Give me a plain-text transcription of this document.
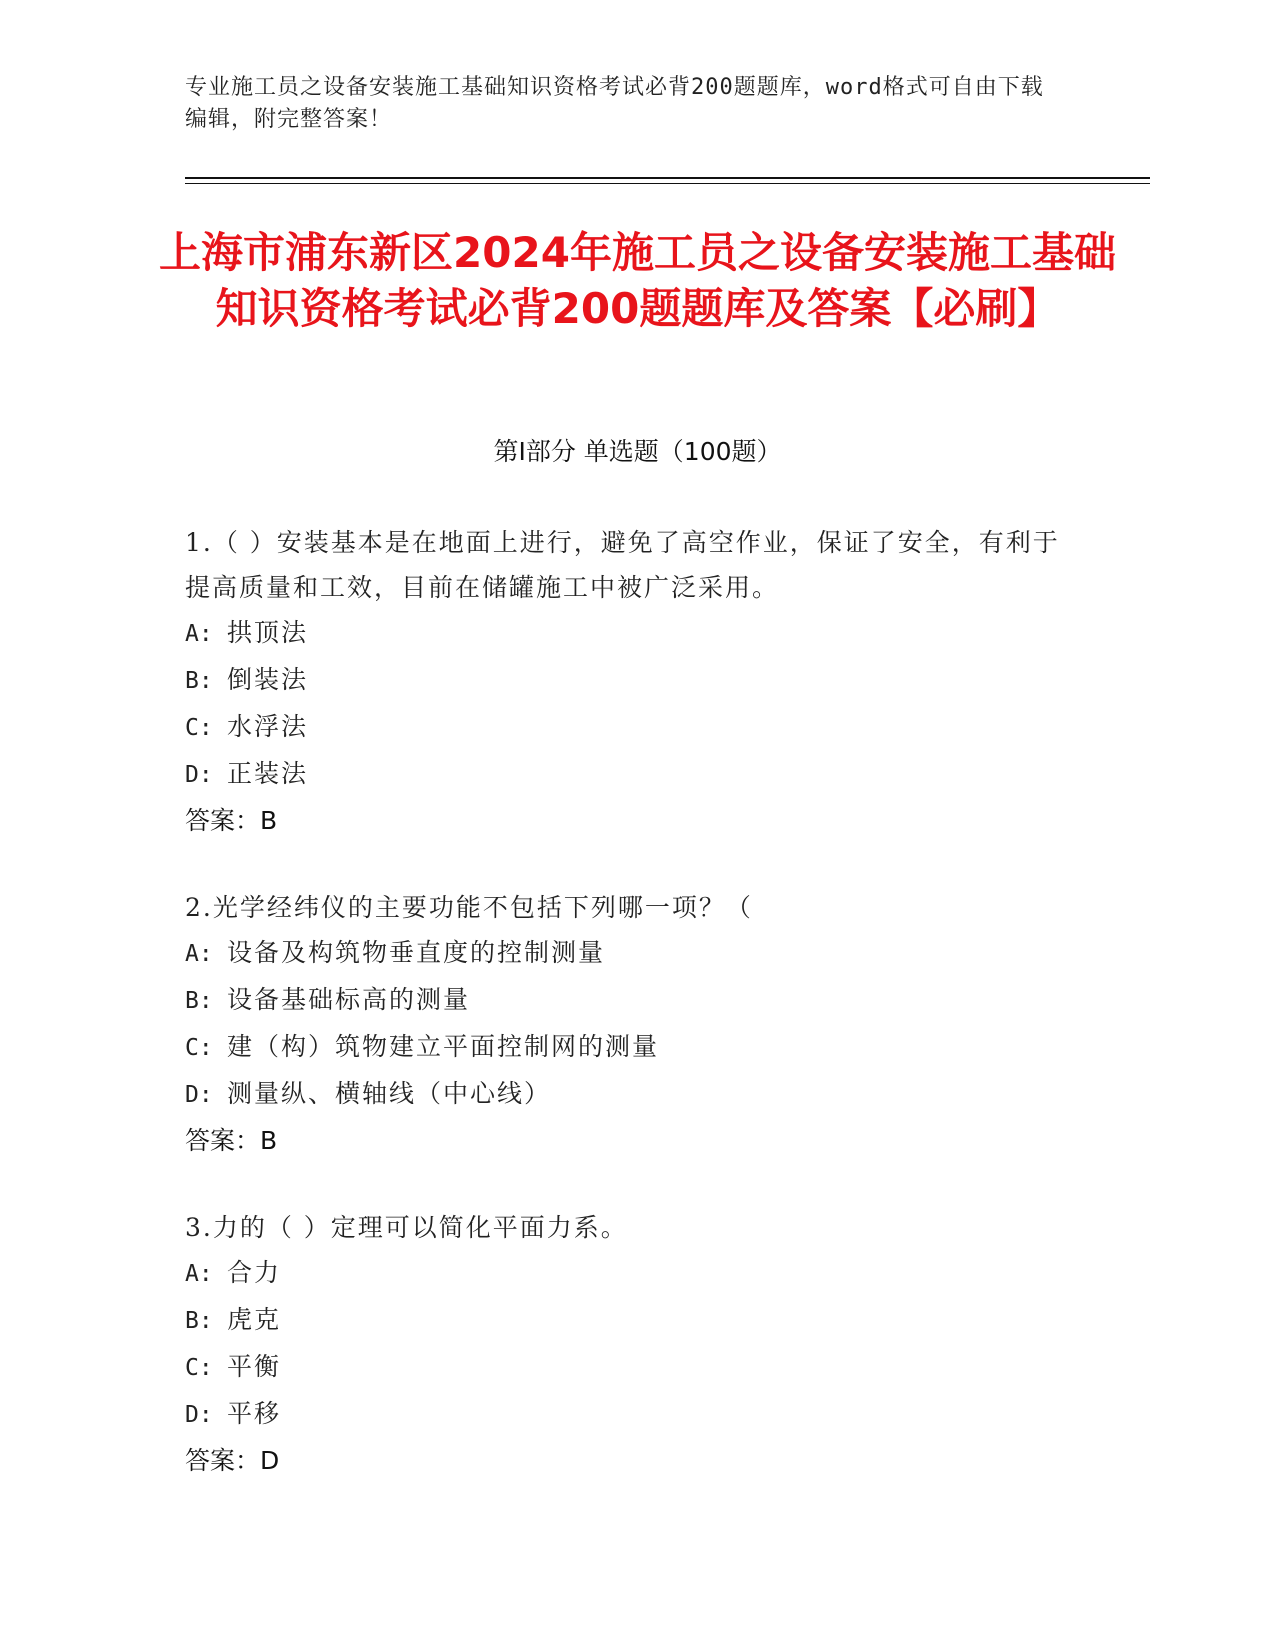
专业施工员之设备安装施工基础知识资格考试必背200题题库，word格式可自由下载编辑，附完整答案！
上海市浦东新区2024年施工员之设备安装施工基础知识资格考试必背200题题库及答案【必刷】
第Ⅰ部分 单选题（100题）
1.（ ）安装基本是在地面上进行，避免了高空作业，保证了安全，有利于提高质量和工效，目前在储罐施工中被广泛采用。
A: 拱顶法
B: 倒装法
C: 水浮法
D: 正装法
答案：B
2.光学经纬仪的主要功能不包括下列哪一项？（
A: 设备及构筑物垂直度的控制测量
B: 设备基础标高的测量
C: 建（构）筑物建立平面控制网的测量
D: 测量纵、横轴线（中心线）
答案：B
3.力的（ ）定理可以简化平面力系。
A: 合力
B: 虎克
C: 平衡
D: 平移
答案：D
